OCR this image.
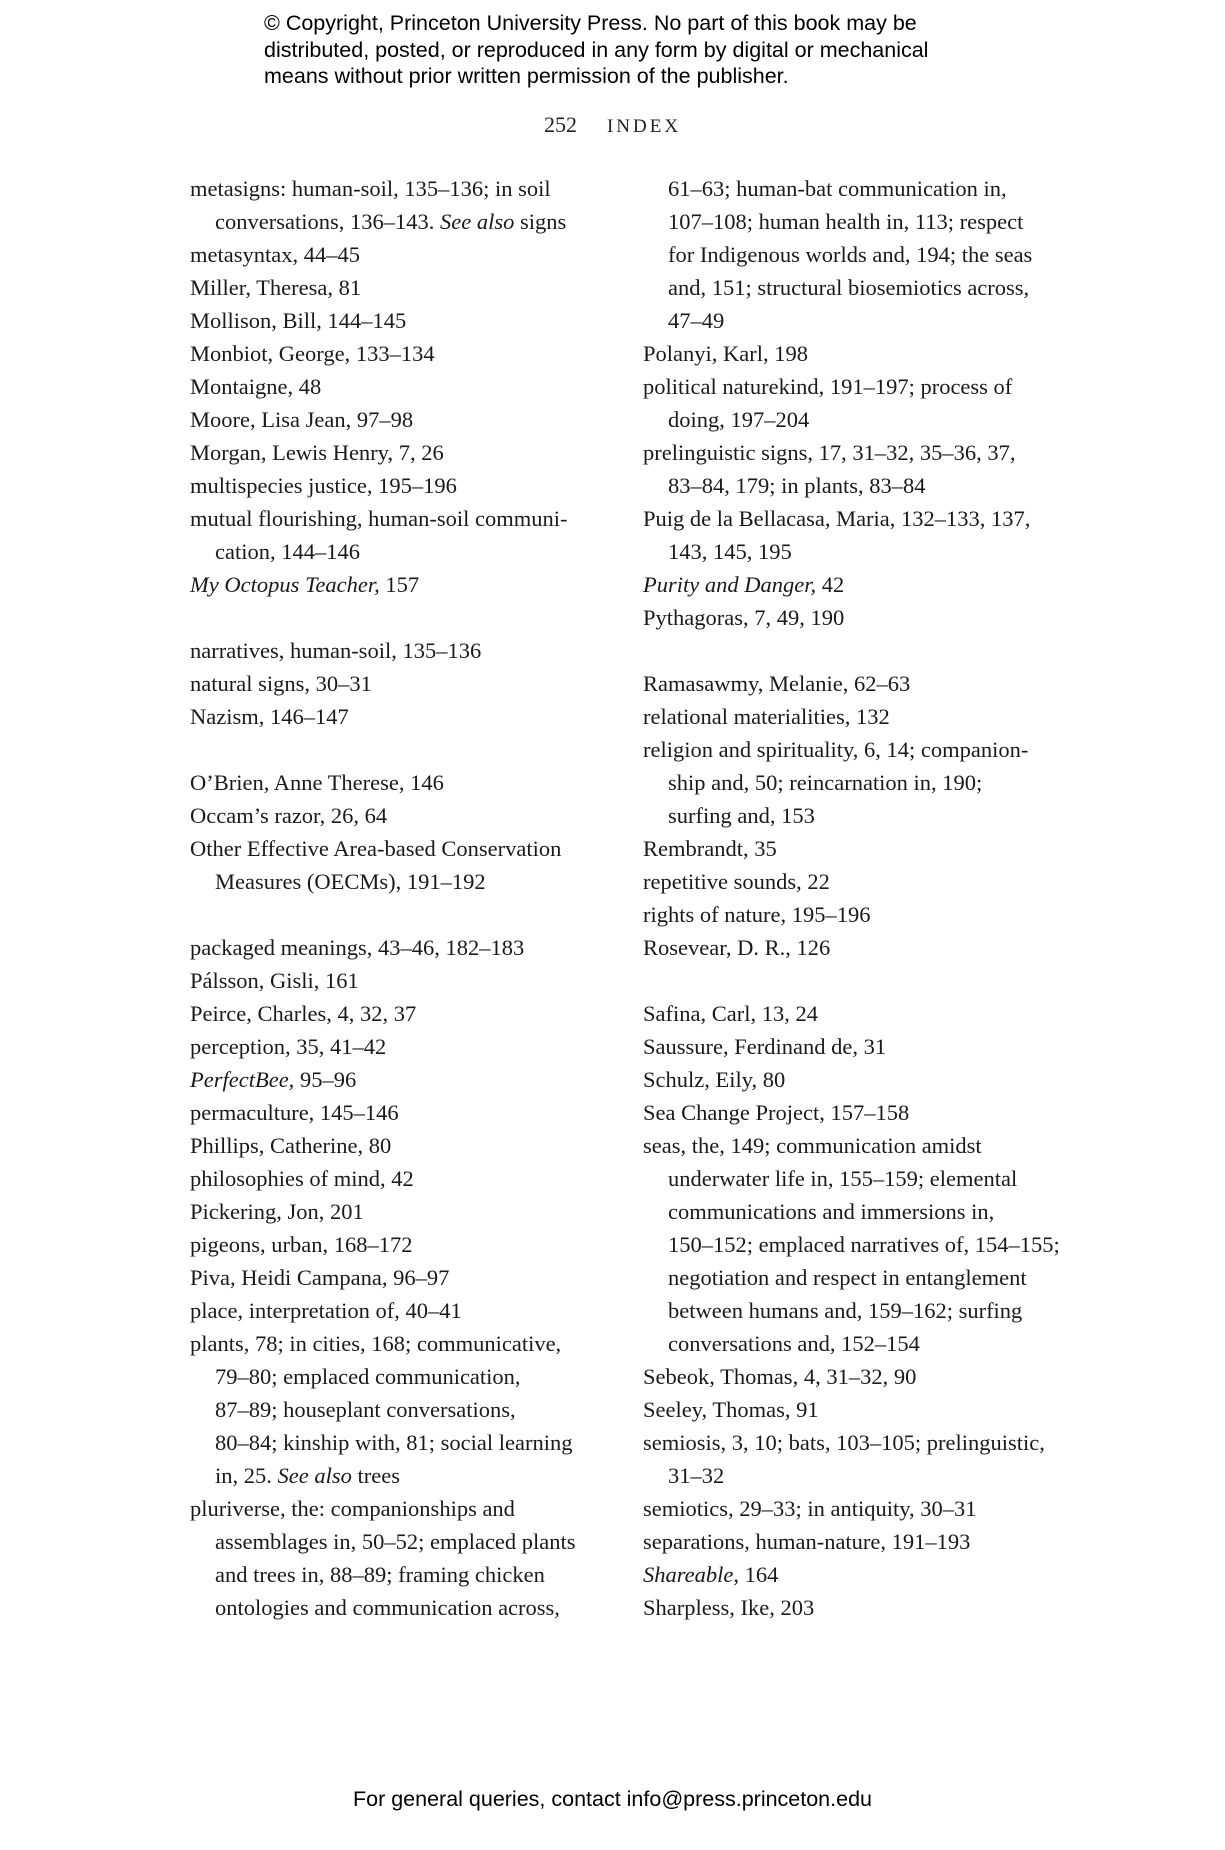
© Copyright, Princeton University Press. No part of this book may be
distributed, posted, or reproduced in any form by digital or mechanical
means without prior written permission of the publisher.
252 INDEX
metasigns: human-soil, 135–136; in soil
conversations, 136–143. See also signs
metasyntax, 44–45
Miller, Theresa, 81
Mollison, Bill, 144–145
Monbiot, George, 133–134
Montaigne, 48
Moore, Lisa Jean, 97–98
Morgan, Lewis Henry, 7, 26
multispecies justice, 195–196
mutual flourishing, human-soil communi-
cation, 144–146
My Octopus Teacher, 157
narratives, human-soil, 135–136
natural signs, 30–31
Nazism, 146–147
O’Brien, Anne Therese, 146
Occam’s razor, 26, 64
Other Effective Area-based Conservation
Measures (OECMs), 191–192
packaged meanings, 43–46, 182–183
Pálsson, Gisli, 161
Peirce, Charles, 4, 32, 37
perception, 35, 41–42
PerfectBee, 95–96
permaculture, 145–146
Phillips, Catherine, 80
philosophies of mind, 42
Pickering, Jon, 201
pigeons, urban, 168–172
Piva, Heidi Campana, 96–97
place, interpretation of, 40–41
plants, 78; in cities, 168; communicative,
79–80; emplaced communication,
87–89; houseplant conversations,
80–84; kinship with, 81; social learning
in, 25. See also trees
pluriverse, the: companionships and
assemblages in, 50–52; emplaced plants
and trees in, 88–89; framing chicken
ontologies and communication across,
61–63; human-bat communication in,
107–108; human health in, 113; respect
for Indigenous worlds and, 194; the seas
and, 151; structural biosemiotics across,
47–49
Polanyi, Karl, 198
political naturekind, 191–197; process of
doing, 197–204
prelinguistic signs, 17, 31–32, 35–36, 37,
83–84, 179; in plants, 83–84
Puig de la Bellacasa, Maria, 132–133, 137,
143, 145, 195
Purity and Danger, 42
Pythagoras, 7, 49, 190
Ramasawmy, Melanie, 62–63
relational materialities, 132
religion and spirituality, 6, 14; companion-
ship and, 50; reincarnation in, 190;
surfing and, 153
Rembrandt, 35
repetitive sounds, 22
rights of nature, 195–196
Rosevear, D. R., 126
Safina, Carl, 13, 24
Saussure, Ferdinand de, 31
Schulz, Eily, 80
Sea Change Project, 157–158
seas, the, 149; communication amidst
underwater life in, 155–159; elemental
communications and immersions in,
150–152; emplaced narratives of, 154–155;
negotiation and respect in entanglement
between humans and, 159–162; surfing
conversations and, 152–154
Sebeok, Thomas, 4, 31–32, 90
Seeley, Thomas, 91
semiosis, 3, 10; bats, 103–105; prelinguistic,
31–32
semiotics, 29–33; in antiquity, 30–31
separations, human-nature, 191–193
Shareable, 164
Sharpless, Ike, 203
For general queries, contact info@press.princeton.edu
